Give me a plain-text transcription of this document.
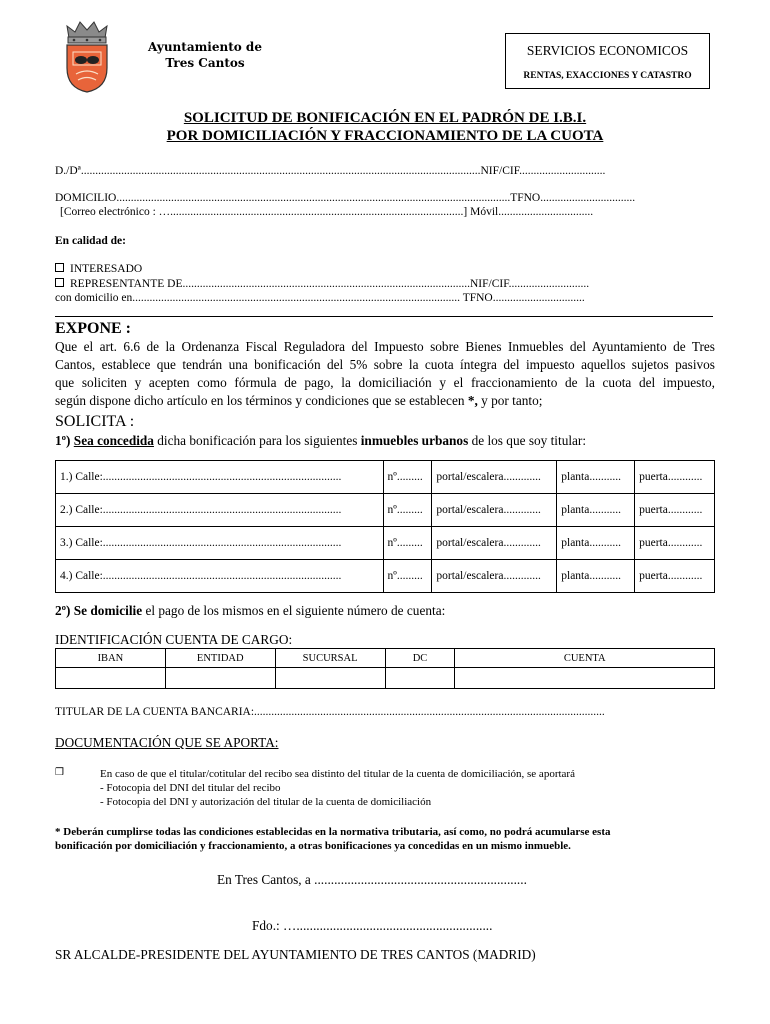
Ayuntamiento de
Tres Cantos
SERVICIOS ECONOMICOS
RENTAS, EXACCIONES Y CATASTRO
SOLICITUD DE BONIFICACIÓN EN EL PADRÓN DE I.B.I.
POR DOMICILIACIÓN Y FRACCIONAMIENTO DE LA CUOTA
D./Dª...........................................................................................................................................NIF/CIF..............................
DOMICILIO.........................................................................................................................................TFNO.................................
[Correo electrónico : …......................................................................................................] Móvil.................................
En calidad de:
INTERESADO
REPRESENTANTE DE....................................................................................................NIF/CIF............................
con domicilio en.................................................................................................................. TFNO................................
EXPONE :

Que el art. 6.6 de la Ordenanza Fiscal Reguladora del Impuesto sobre Bienes Inmuebles del Ayuntamiento de Tres

Cantos, establece que tendrán una bonificación del 5% sobre la cuota íntegra del impuesto aquellos sujetos pasivos

que soliciten y acepten como fórmula de pago, la domiciliación y el fraccionamiento de la cuota del impuesto,

según dispone dicho artículo en los términos y condiciones que se establecen *, y por tanto;

SOLICITA :
1º) Sea concedida dicha bonificación para los siguientes inmuebles urbanos de los que soy titular:
1.) Calle:...................................................................................	nº.........	portal/escalera.............	planta...........	puerta............
2.) Calle:...................................................................................	nº.........	portal/escalera.............	planta...........	puerta............
3.) Calle:...................................................................................	nº.........	portal/escalera.............	planta...........	puerta............
4.) Calle:...................................................................................	nº.........	portal/escalera.............	planta...........	puerta............
2º) Se domicilie el pago de los mismos en el siguiente número de cuenta:
IDENTIFICACIÓN CUENTA DE CARGO:
IBAN	ENTIDAD	SUCURSAL	DC	CUENTA

TITULAR DE LA CUENTA BANCARIA:..........................................................................................................................
DOCUMENTACIÓN QUE SE APORTA:
❒	En caso de que el titular/cotitular del recibo sea distinto del titular de la cuenta de domiciliación, se aportará
- Fotocopia del DNI del titular del recibo
- Fotocopia del DNI y autorización del titular de la cuenta de domiciliación
* Deberán cumplirse todas las condiciones establecidas en la normativa tributaria, así como, no podrá acumularse esta
bonificación por domiciliación y fraccionamiento, a otras bonificaciones ya concedidas en un mismo inmueble.
En Tres Cantos, a ................................................................
Fdo.: …...........................................................
SR ALCALDE-PRESIDENTE DEL AYUNTAMIENTO DE TRES CANTOS (MADRID)
